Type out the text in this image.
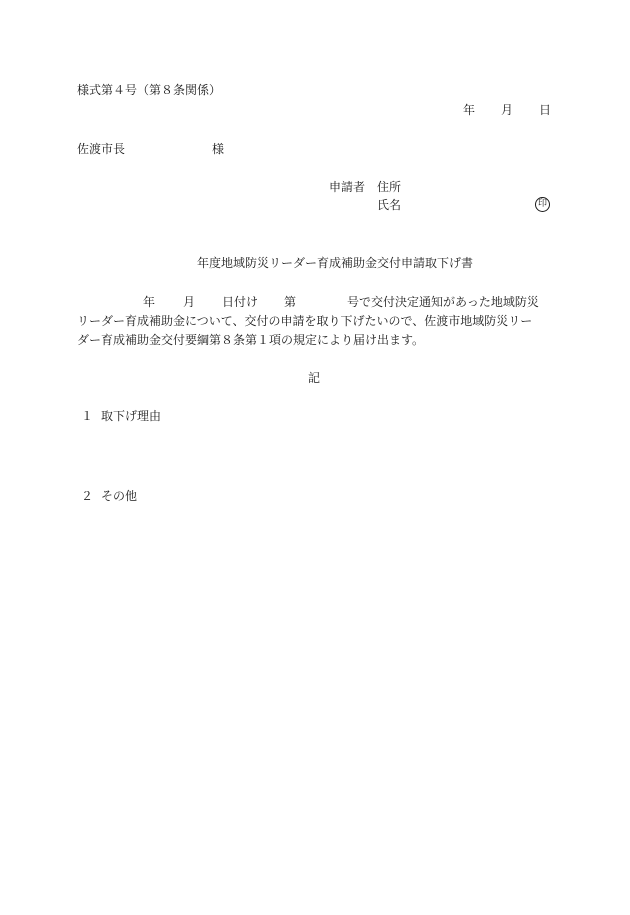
様式第４号（第８条関係）
年 月 日
佐渡市長	様
申請者 住所
氏名	印
年度地域防災リーダー育成補助金交付申請取下げ書
年 月 日付け 第	号で交付決定通知があった地域防災
リーダー育成補助金について、交付の申請を取り下げたいので、佐渡市地域防災リー
ダー育成補助金交付要綱第８条第１項の規定により届け出ます。
記
１ 取下げ理由
２ その他
